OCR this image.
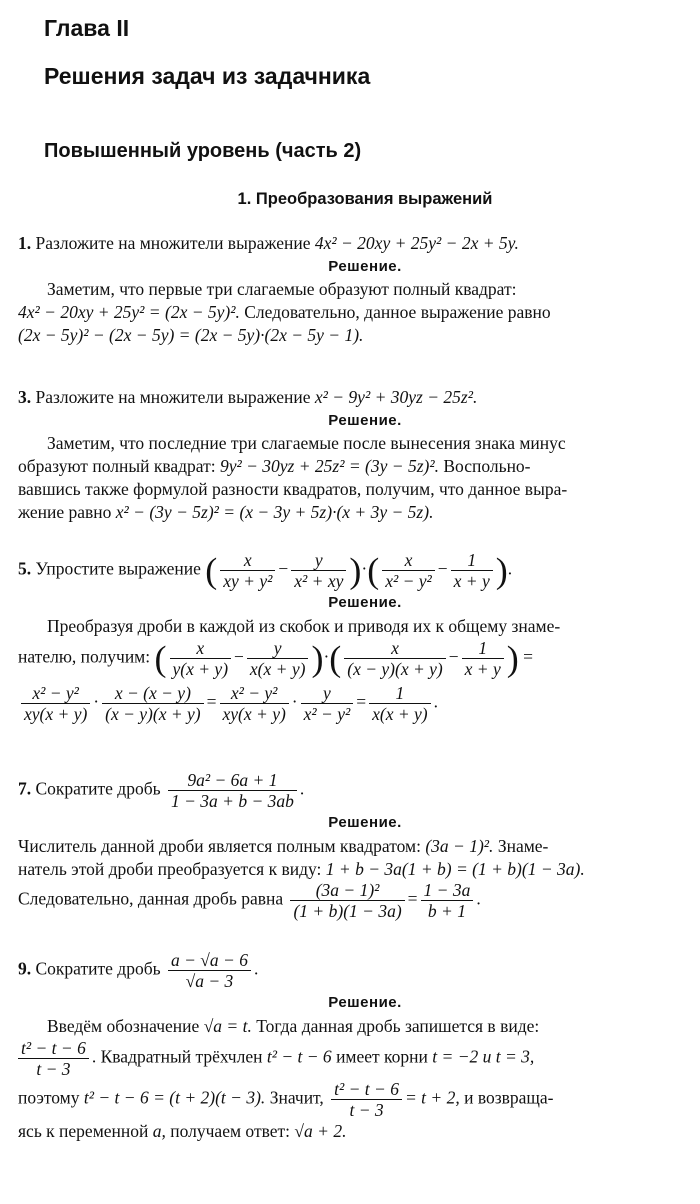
Глава II
Решения задач из задачника
Повышенный уровень (часть 2)
1. Преобразования выражений

1. Разложите на множители выражение 4x² − 20xy + 25y² − 2x + 5y.

Решение.

Заметим, что первые три слагаемые образуют полный квадрат:

4x² − 20xy + 25y² = (2x − 5y)². Следовательно, данное выражение равно

(2x − 5y)² − (2x − 5y) = (2x − 5y)·(2x − 5y − 1).

3. Разложите на множители выражение x² − 9y² + 30yz − 25z².

Решение.

Заметим, что последние три слагаемые после вынесения знака минус

образуют полный квадрат: 9y² − 30yz + 25z² = (3y − 5z)². Воспольно-

вавшись также формулой разности квадратов, получим, что данное выра-

жение равно x² − (3y − 5z)² = (x − 3y + 5z)·(x + 3y − 5z).

5. Упростите выражение ( $\frac{x}{\text{xy + y²}} - \frac{y}{\text{x² + xy}}$ )·( $\frac{x}{\text{x² − y²}} - \frac{1}{x + y}$ ).

Решение.

Преобразуя дроби в каждой из скобок и приводя их к общему знаме-

нателю, получим: ( $\frac{x}{y(x + y)} - \frac{y}{x(x + y)}$ )·( $\frac{x}{(x - y)(x + y)} - \frac{1}{x + y}$ ) =

$\frac{\text{x² − y²}}{xy(x + y)} \cdot \frac{x - (x - y)}{(x - y)(x + y)} = \frac{\text{x² − y²}}{xy(x + y)} \cdot \frac{y}{\text{x² − y²}} = \frac{1}{x(x + y)}$ .

7. Сократите дробь $\frac{\text{9a² − 6a + 1}}{1 - 3a + b - 3ab}$ .

Решение.

Числитель данной дроби является полным квадратом: (3a − 1)². Знаме-

натель этой дроби преобразуется к виду: 1 + b − 3a(1 + b) = (1 + b)(1 − 3a).

Следовательно, данная дробь равна $\frac{\text{(3a − 1)²}}{(1 + b)(1 - 3a)} = \frac{1 - 3a}{b + 1}$ .

9. Сократите дробь $\frac{a - √a - 6}{√a - 3}$ .

Решение.

Введём обозначение √a = t. Тогда данная дробь запишется в виде:

$\frac{\text{t² − t − 6}}{t - 3}$ . Квадратный трёхчлен t² − t − 6 имеет корни t = −2 и t = 3,

поэтому t² − t − 6 = (t + 2)(t − 3). Значит, $\frac{\text{t² − t − 6}}{t - 3} = t + 2$, и возвраща-

ясь к переменной a, получаем ответ: √a + 2.
